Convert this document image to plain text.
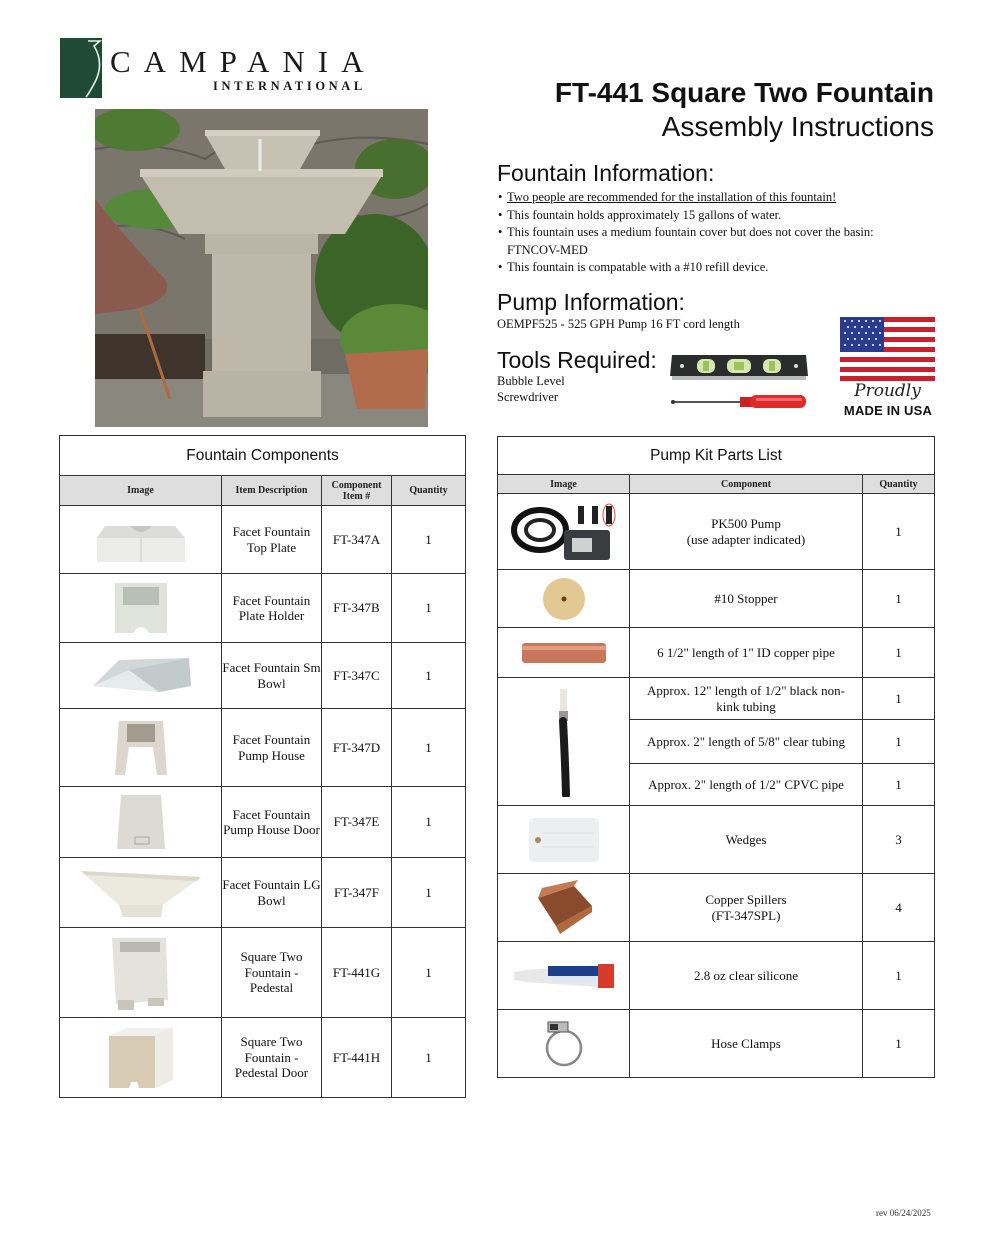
CAMPANIA
INTERNATIONAL	FT-441 Square Two Fountain
Assembly Instructions
Fountain Information:
• Two people are recommended for the installation of this fountain!
• This fountain holds approximately 15 gallons of water.
• This fountain uses a medium fountain cover but does not cover the basin: FTNCOV-MED
• This fountain is compatable with a #10 refill device.
Pump Information:
OEMPF525 - 525 GPH Pump 16 FT cord length
Tools Required:
Bubble Level
Screwdriver	Proudly
MADE IN USA
Fountain Components			
Image	Item Description	Component Item #	Quantity

	Facet Fountain Top Plate	FT-347A	1

	Facet Fountain Plate Holder	FT-347B	1

	Facet Fountain Sm Bowl	FT-347C	1

	Facet Fountain Pump House	FT-347D	1

	Facet Fountain Pump House Door	FT-347E	1

	Facet Fountain LG Bowl	FT-347F	1

	Square Two Fountain - Pedestal	FT-441G	1

	Square Two Fountain - Pedestal Door	FT-441H	1
Pump Kit Parts List		
Image	Component	Quantity

PK500 Pump
(use adapter indicated)	1

	#10 Stopper	1

	6 1/2" length of 1" ID copper pipe	1

	Approx. 12" length of 1/2" black non-kink tubing	1
	Approx. 2" length of 5/8" clear tubing	1
	Approx. 2" length of 1/2" CPVC pipe	1

	Wedges	3

Copper Spillers
(FT-347SPL)	4

	2.8 oz clear silicone	1

	Hose Clamps	1
rev 06/24/2025
